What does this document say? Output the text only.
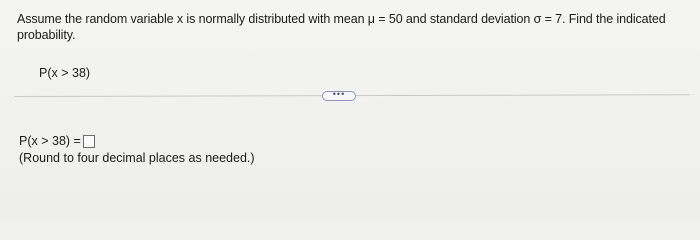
Assume the random variable x is normally distributed with mean μ = 50 and standard deviation σ = 7. Find the indicated
probability.
P(x > 38)
•••
P(x > 38) =
(Round to four decimal places as needed.)
